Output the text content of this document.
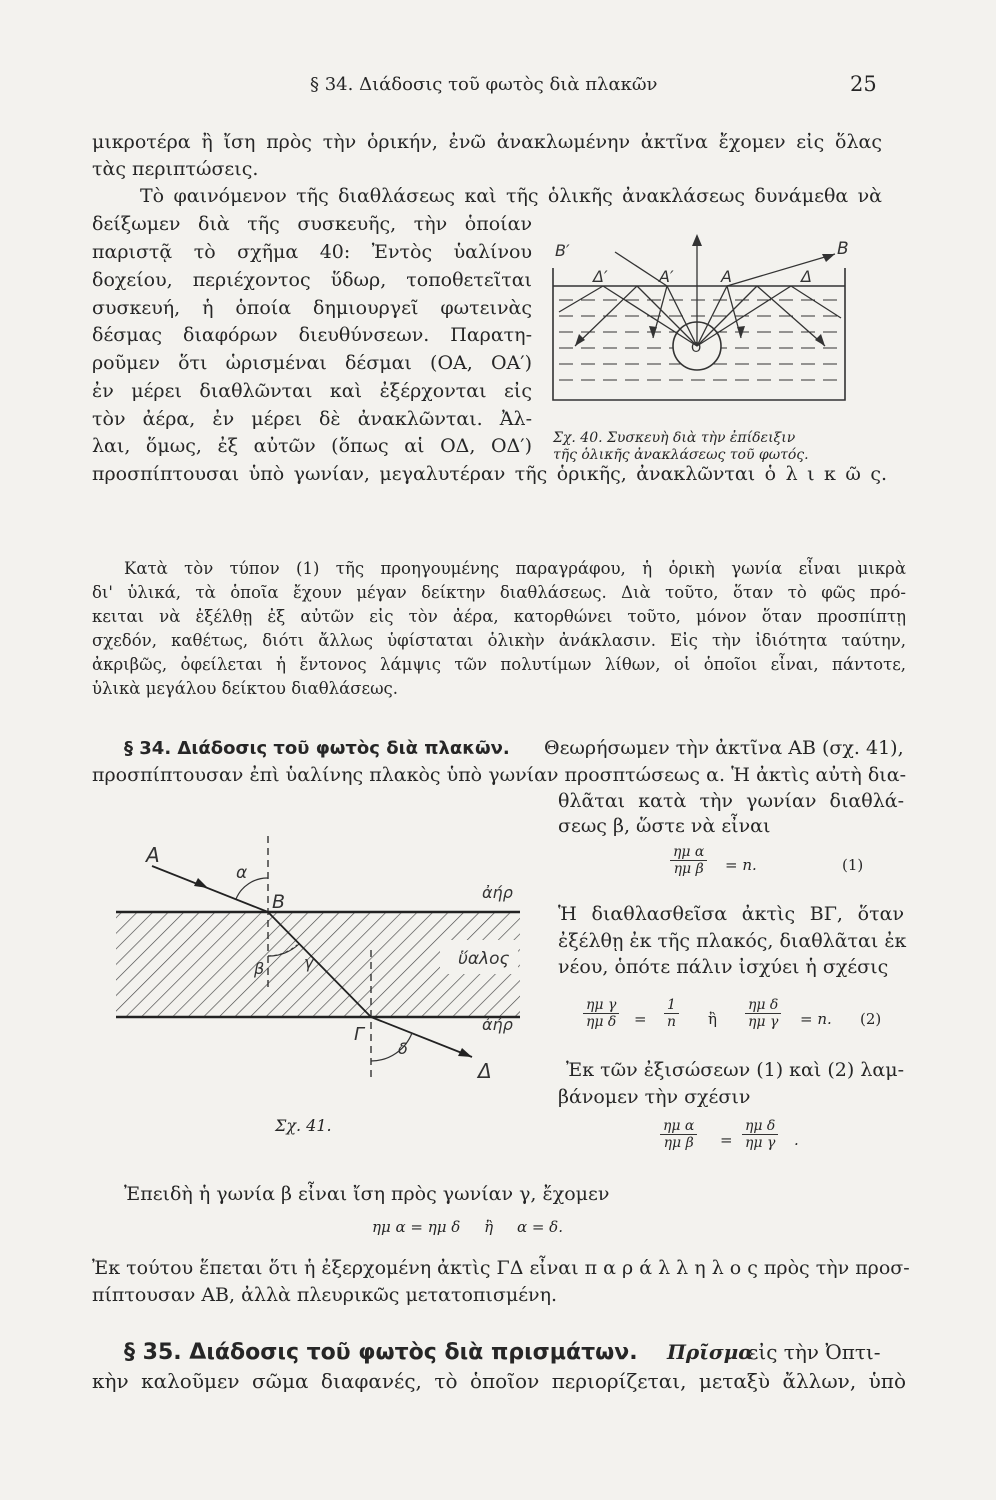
§ 34. Διάδοσις τοῦ φωτὸς διὰ πλακῶν	25
μικροτέρα ἢ ἴση πρὸς τὴν ὁρικήν, ἐνῶ ἀνακλωμένην ἀκτῖνα ἔχομεν εἰς ὅλας
τὰς περιπτώσεις.
Τὸ φαινόμενον τῆς διαθλάσεως καὶ τῆς ὁλικῆς ἀνακλάσεως δυνάμεθα νὰ
δείξωμεν διὰ τῆς συσκευῆς, τὴν ὁποίαν
παριστᾷ τὸ σχῆμα 40: Ἐντὸς ὑαλίνου
δοχείου, περιέχοντος ὕδωρ, τοποθετεῖται
συσκευή, ἡ ὁποία δημιουργεῖ φωτεινὰς
δέσμας διαφόρων διευθύνσεων. Παρατη-
ροῦμεν ὅτι ὡρισμέναι δέσμαι (ΟΑ, ΟΑ′)
ἐν μέρει διαθλῶνται καὶ ἐξέρχονται εἰς
τὸν ἀέρα, ἐν μέρει δὲ ἀνακλῶνται. Ἀλ-
λαι, ὅμως, ἐξ αὐτῶν (ὅπως αἱ ΟΔ, ΟΔ′)
προσπίπτουσαι ὑπὸ γωνίαν, μεγαλυτέραν τῆς ὁρικῆς, ἀνακλῶνται ὁ λ ι κ ῶ ς.
B′	B
Δ′	A′	A	Δ
O
Σχ. 40. Συσκευὴ διὰ τὴν ἐπίδειξιν
τῆς ὁλικῆς ἀνακλάσεως τοῦ φωτός.
Κατὰ τὸν τύπον (1) τῆς προηγουμένης παραγράφου, ἡ ὁρικὴ γωνία εἶναι μικρὰ
δι' ὑλικά, τὰ ὁποῖα ἔχουν μέγαν δείκτην διαθλάσεως. Διὰ τοῦτο, ὅταν τὸ φῶς πρό-
κειται νὰ ἐξέλθῃ ἐξ αὐτῶν εἰς τὸν ἀέρα, κατορθώνει τοῦτο, μόνον ὅταν προσπίπτῃ
σχεδόν, καθέτως, διότι ἄλλως ὑφίσταται ὁλικὴν ἀνάκλασιν. Εἰς τὴν ἰδιότητα ταύτην,
ἀκριβῶς, ὀφείλεται ἡ ἔντονος λάμψις τῶν πολυτίμων λίθων, οἱ ὁποῖοι εἶναι, πάντοτε,
ὑλικὰ μεγάλου δείκτου διαθλάσεως.
§ 34. Διάδοσις τοῦ φωτὸς διὰ πλακῶν. Θεωρήσωμεν τὴν ἀκτῖνα ΑΒ (σχ. 41),
προσπίπτουσαν ἐπὶ ὑαλίνης πλακὸς ὑπὸ γωνίαν προσπτώσεως α. Ἡ ἀκτὶς αὐτὴ δια-
θλᾶται κατὰ τὴν γωνίαν διαθλά-
σεως β, ὥστε νὰ εἶναι
$\frac{\text{ημ α}}{\text{ημ β}} = n$.	(1)
Ἡ διαθλασθεῖσα ἀκτὶς ΒΓ, ὅταν
ἐξέλθῃ ἐκ τῆς πλακός, διαθλᾶται ἐκ
νέου, ὁπότε πάλιν ἰσχύει ἡ σχέσις
$\frac{\text{ημ γ}}{\text{ημ δ}} = \frac{1}{n}$ ἢ $\frac{\text{ημ δ}}{\text{ημ γ}} = n$. (2)
Ἐκ τῶν ἐξισώσεων (1) καὶ (2) λαμ-
βάνομεν τὴν σχέσιν
$\frac{\text{ημ α}}{\text{ημ β}} = \frac{\text{ημ δ}}{\text{ημ γ}}$ .
Α
α
Β	ἀήρ
β γ	ὕαλος
Γ	ἀήρ
δ
Δ
Σχ. 41.
Ἐπειδὴ ἡ γωνία β εἶναι ἴση πρὸς γωνίαν γ, ἔχομεν
ημ α = ημ δ     ἢ     α = δ.
Ἐκ τούτου ἕπεται ὅτι ἡ ἐξερχομένη ἀκτὶς ΓΔ εἶναι π α ρ ά λ λ η λ ο ς πρὸς τὴν προσ-
πίπτουσαν ΑΒ, ἀλλὰ πλευρικῶς μετατοπισμένη.
§ 35. Διάδοσις τοῦ φωτὸς διὰ πρισμάτων. Πρῖσμα
εἰς τὴν Ὀπτι-
κὴν καλοῦμεν σῶμα διαφανές, τὸ ὁποῖον περιορίζεται, μεταξὺ ἄλλων, ὑπὸ
